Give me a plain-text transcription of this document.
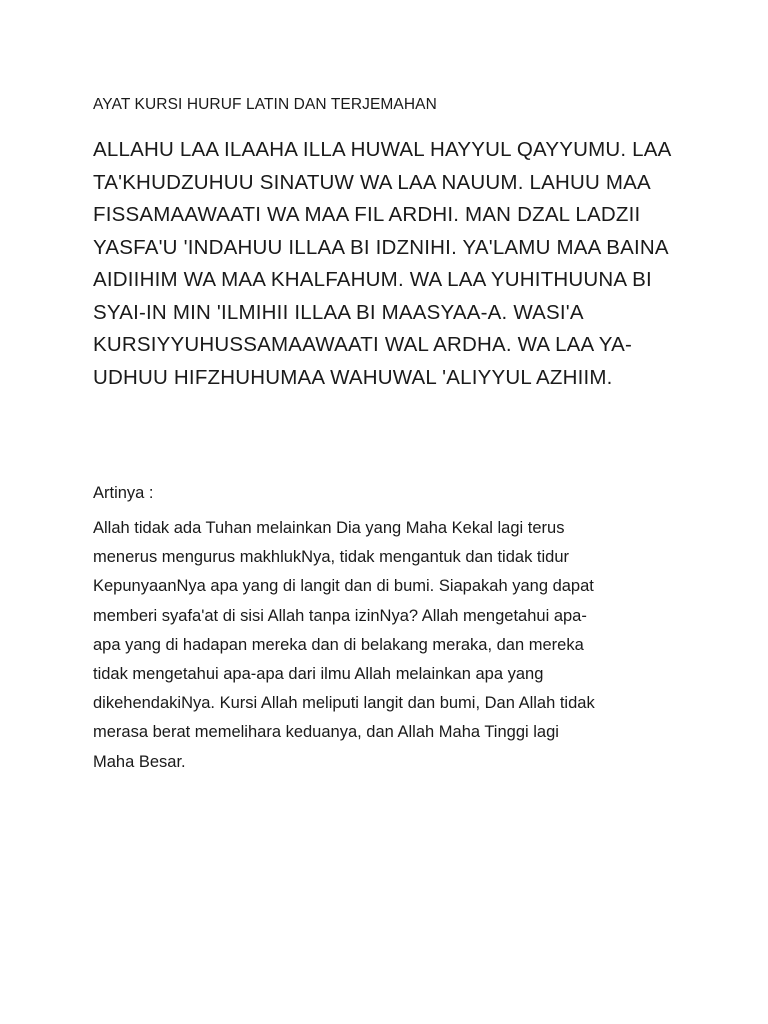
AYAT KURSI HURUF LATIN DAN TERJEMAHAN

ALLAHU LAA ILAAHA ILLA HUWAL HAYYUL QAYYUMU. LAA
TA'KHUDZUHUU SINATUW WA LAA NAUUM. LAHUU MAA
FISSAMAAWAATI WA MAA FIL ARDHI. MAN DZAL LADZII
YASFA'U 'INDAHUU ILLAA BI IDZNIHI. YA'LAMU MAA BAINA
AIDIIHIM WA MAA KHALFAHUM. WA LAA YUHITHUUNA BI
SYAI-IN MIN 'ILMIHII ILLAA BI MAASYAA-A. WASI'A
KURSIYYUHUSSAMAAWAATI WAL ARDHA. WA LAA YA-
UDHUU HIFZHUHUMAA WAHUWAL 'ALIYYUL AZHIIM.

Artinya :

Allah tidak ada Tuhan melainkan Dia yang Maha Kekal lagi terus
menerus mengurus makhlukNya, tidak mengantuk dan tidak tidur
KepunyaanNya apa yang di langit dan di bumi. Siapakah yang dapat
memberi syafa'at di sisi Allah tanpa izinNya? Allah mengetahui apa-
apa yang di hadapan mereka dan di belakang meraka, dan mereka
tidak mengetahui apa-apa dari ilmu Allah melainkan apa yang
dikehendakiNya. Kursi Allah meliputi langit dan bumi, Dan Allah tidak
merasa berat memelihara keduanya, dan Allah Maha Tinggi lagi
Maha Besar.
